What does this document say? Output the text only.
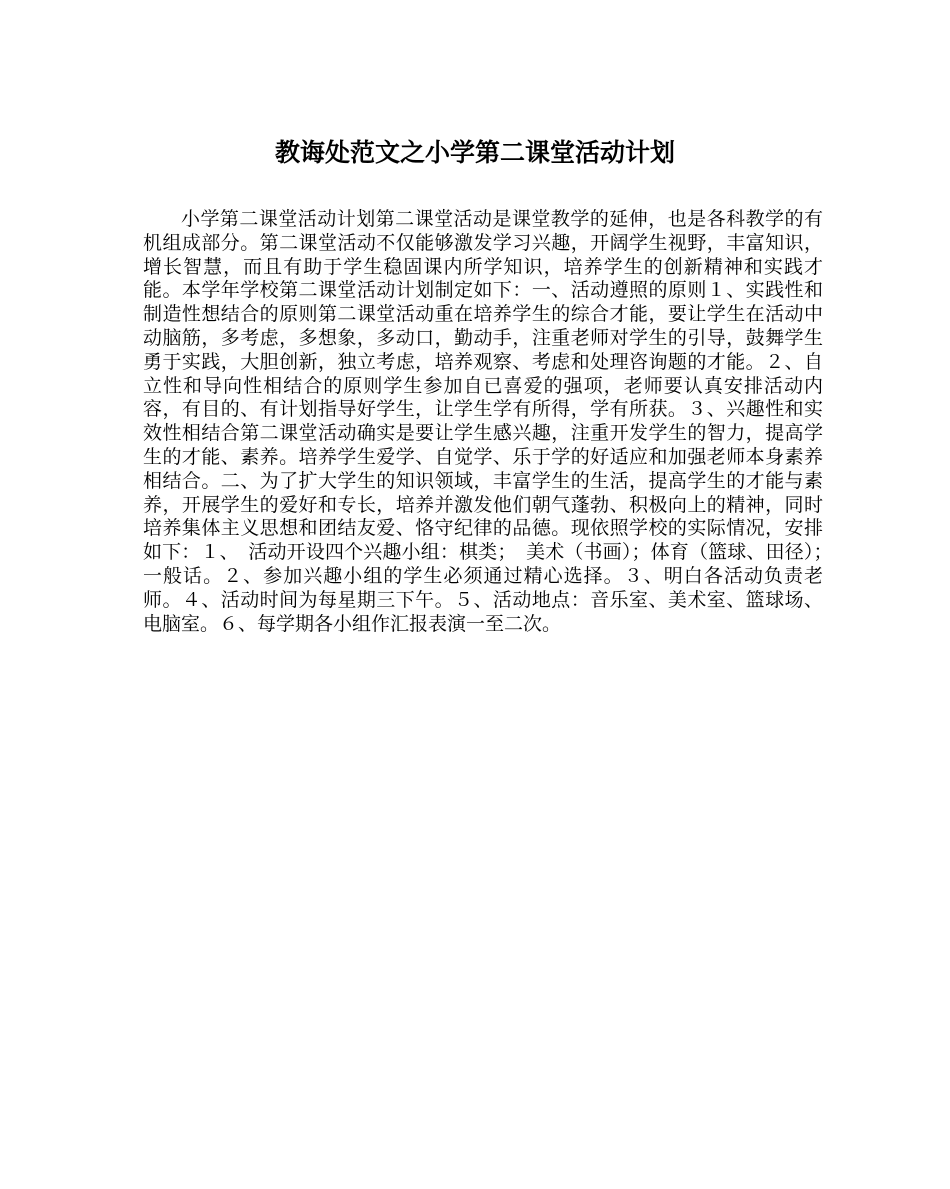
教诲处范文之小学第二课堂活动计划

小学第二课堂活动计划第二课堂活动是课堂教学的延伸，也是各科教学的有机组成部分。第二课堂活动不仅能够激发学习兴趣，开阔学生视野，丰富知识，增长智慧，而且有助于学生稳固课内所学知识，培养学生的创新精神和实践才能。本学年学校第二课堂活动计划制定如下：一、活动遵照的原则１、实践性和制造性想结合的原则第二课堂活动重在培养学生的综合才能，要让学生在活动中动脑筋，多考虑，多想象，多动口，勤动手，注重老师对学生的引导，鼓舞学生勇于实践，大胆创新，独立考虑，培养观察、考虑和处理咨询题的才能。２、自立性和导向性相结合的原则学生参加自已喜爱的强项，老师要认真安排活动内容，有目的、有计划指导好学生，让学生学有所得，学有所获。３、兴趣性和实效性相结合第二课堂活动确实是要让学生感兴趣，注重开发学生的智力，提高学生的才能、素养。培养学生爱学、自觉学、乐于学的好适应和加强老师本身素养相结合。二、为了扩大学生的知识领域，丰富学生的生活，提高学生的才能与素养，开展学生的爱好和专长，培养并激发他们朝气蓬勃、积极向上的精神，同时培养集体主义思想和团结友爱、恪守纪律的品德。现依照学校的实际情况，安排如下：１、　活动开设四个兴趣小组：棋类；　美术（书画）；体育（篮球、田径）；　　　一般话。２、参加兴趣小组的学生必须通过精心选择。３、明白各活动负责老师。４、活动时间为每星期三下午。５、活动地点：音乐室、美术室、篮球场、电脑室。６、每学期各小组作汇报表演一至二次。
